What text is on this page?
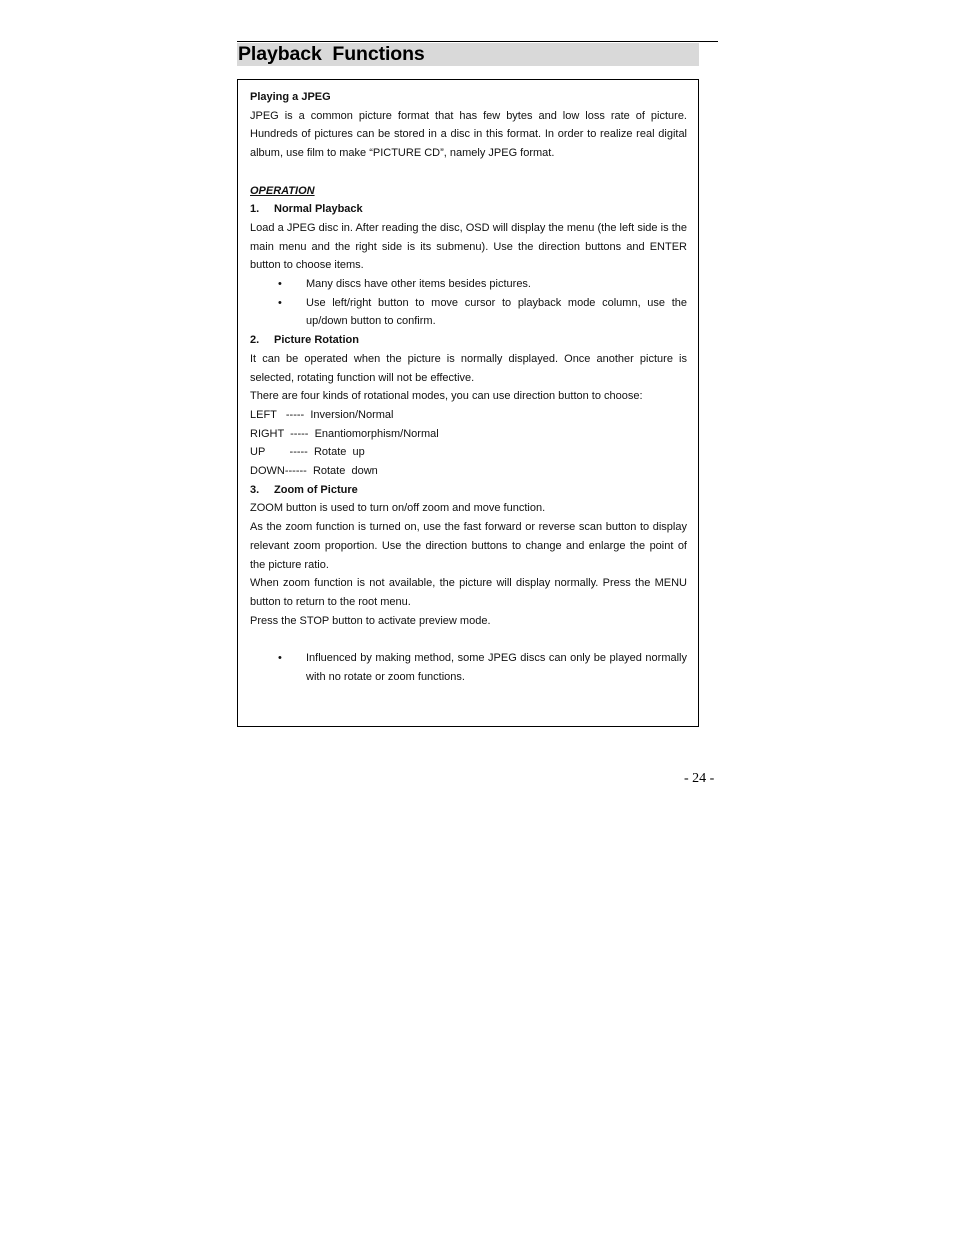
Playback  Functions

Playing a JPEG

JPEG is a common picture format that has few bytes and low loss rate of picture. Hundreds of pictures can be stored in a disc in this format. In order to realize real digital album, use film to make “PICTURE CD”, namely JPEG format.

OPERATION

1. Normal Playback

Load a JPEG disc in. After reading the disc, OSD will display the menu (the left side is the main menu and the right side is its submenu). Use the direction buttons and ENTER button to choose items.

• Many discs have other items besides pictures.
• Use left/right button to move cursor to playback mode column, use the up/down button to confirm.

2. Picture Rotation

It can be operated when the picture is normally displayed. Once another picture is selected, rotating function will not be effective.

There are four kinds of rotational modes, you can use direction button to choose:

LEFT   ----- Inversion/Normal

RIGHT  ----- Enantiomorphism/Normal

UP        ----- Rotate  up

DOWN------ Rotate  down

3. Zoom of Picture

ZOOM button is used to turn on/off zoom and move function.

As the zoom function is turned on, use the fast forward or reverse scan button to display relevant zoom proportion. Use the direction buttons to change and enlarge the point of the picture ratio.

When zoom function is not available, the picture will display normally. Press the MENU button to return to the root menu.

Press the STOP button to activate preview mode.

• Influenced by making method, some JPEG discs can only be played normally with no rotate or zoom functions.
- 24 -
